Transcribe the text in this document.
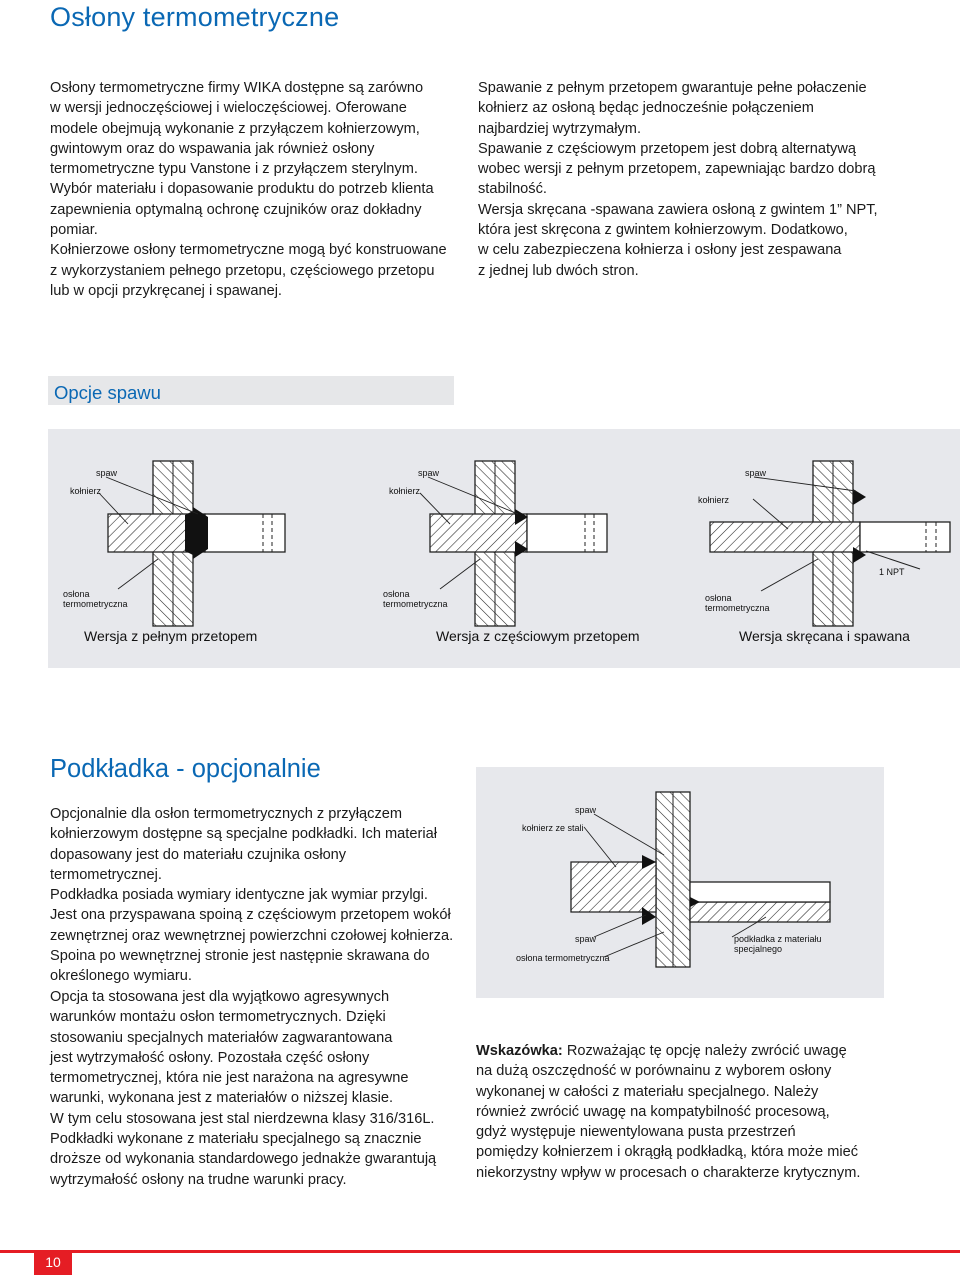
Osłony termometryczne

Osłony termometryczne firmy WIKA dostępne są zarówno
w wersji jednoczęściowej i wieloczęściowej. Oferowane
modele obejmują wykonanie z przyłączem kołnierzowym,
gwintowym oraz do wspawania jak również osłony
termometryczne typu Vanstone i z przyłączem sterylnym.
Wybór materiału i dopasowanie produktu do potrzeb klienta
zapewnienia optymalną ochronę czujników oraz dokładny
pomiar.
Kołnierzowe osłony termometryczne mogą być konstruowane
z wykorzystaniem pełnego przetopu, częściowego przetopu
lub w opcji przykręcanej i spawanej.

Spawanie z pełnym przetopem gwarantuje pełne połaczenie
kołnierz az osłoną będąc jednocześnie połączeniem
najbardziej wytrzymałym.
Spawanie z częściowym przetopem jest dobrą alternatywą
wobec wersji z pełnym przetopem, zapewniając bardzo dobrą
stabilność.
Wersja skręcana -spawana zawiera osłoną z gwintem 1” NPT,
która jest skręcona z gwintem kołnierzowym. Dodatkowo,
w celu zabezpieczena kołnierza i osłony jest zespawana
z jednej lub dwóch stron.

Opcje spawu
spaw
kołnierz
osłona
termometryczna
Wersja z pełnym przetopem
spaw
kołnierz
osłona
termometryczna
Wersja z częściowym przetopem
spaw
kołnierz
1 NPT
osłona
termometryczna
Wersja skręcana i spawana
Podkładka - opcjonalnie

Opcjonalnie dla osłon termometrycznych z przyłączem
kołnierzowym dostępne są specjalne podkładki. Ich materiał
dopasowany jest do materiału czujnika osłony termometrycznej.
Podkładka posiada wymiary identyczne jak wymiar przylgi.
Jest ona przyspawana spoiną z częściowym przetopem wokół
zewnętrznej oraz wewnętrznej powierzchni czołowej kołnierza.
Spoina po wewnętrznej stronie jest następnie skrawana do
określonego wymiaru.

Opcja ta stosowana jest dla wyjątkowo agresywnych
warunków montażu osłon termometrycznych. Dzięki
stosowaniu specjalnych materiałów zagwarantowana
jest wytrzymałość osłony. Pozostała część osłony
termometrycznej, która nie jest narażona na agresywne
warunki, wykonana jest z materiałów o niższej klasie.
W tym celu stosowana jest stal nierdzewna klasy 316/316L.
Podkładki wykonane z materiału specjalnego są znacznie
droższe od wykonania standardowego jednakże gwarantują
wytrzymałość osłony na trudne warunki pracy.

Wskazówka: Rozważając tę opcję należy zwrócić uwagę
na dużą oszczędność w porównainu z wyborem osłony
wykonanej w całości z materiału specjalnego. Należy
również zwrócić uwagę na kompatybilność procesową,
gdyż występuje niewentylowana pusta przestrzeń
pomiędzy kołnierzem i okrągłą podkładką, która może mieć
niekorzystny wpływ w procesach o charakterze krytycznym.

spaw
kołnierz ze stali
spaw
osłona termometryczna
podkładka z materiału
specjalnego
10
